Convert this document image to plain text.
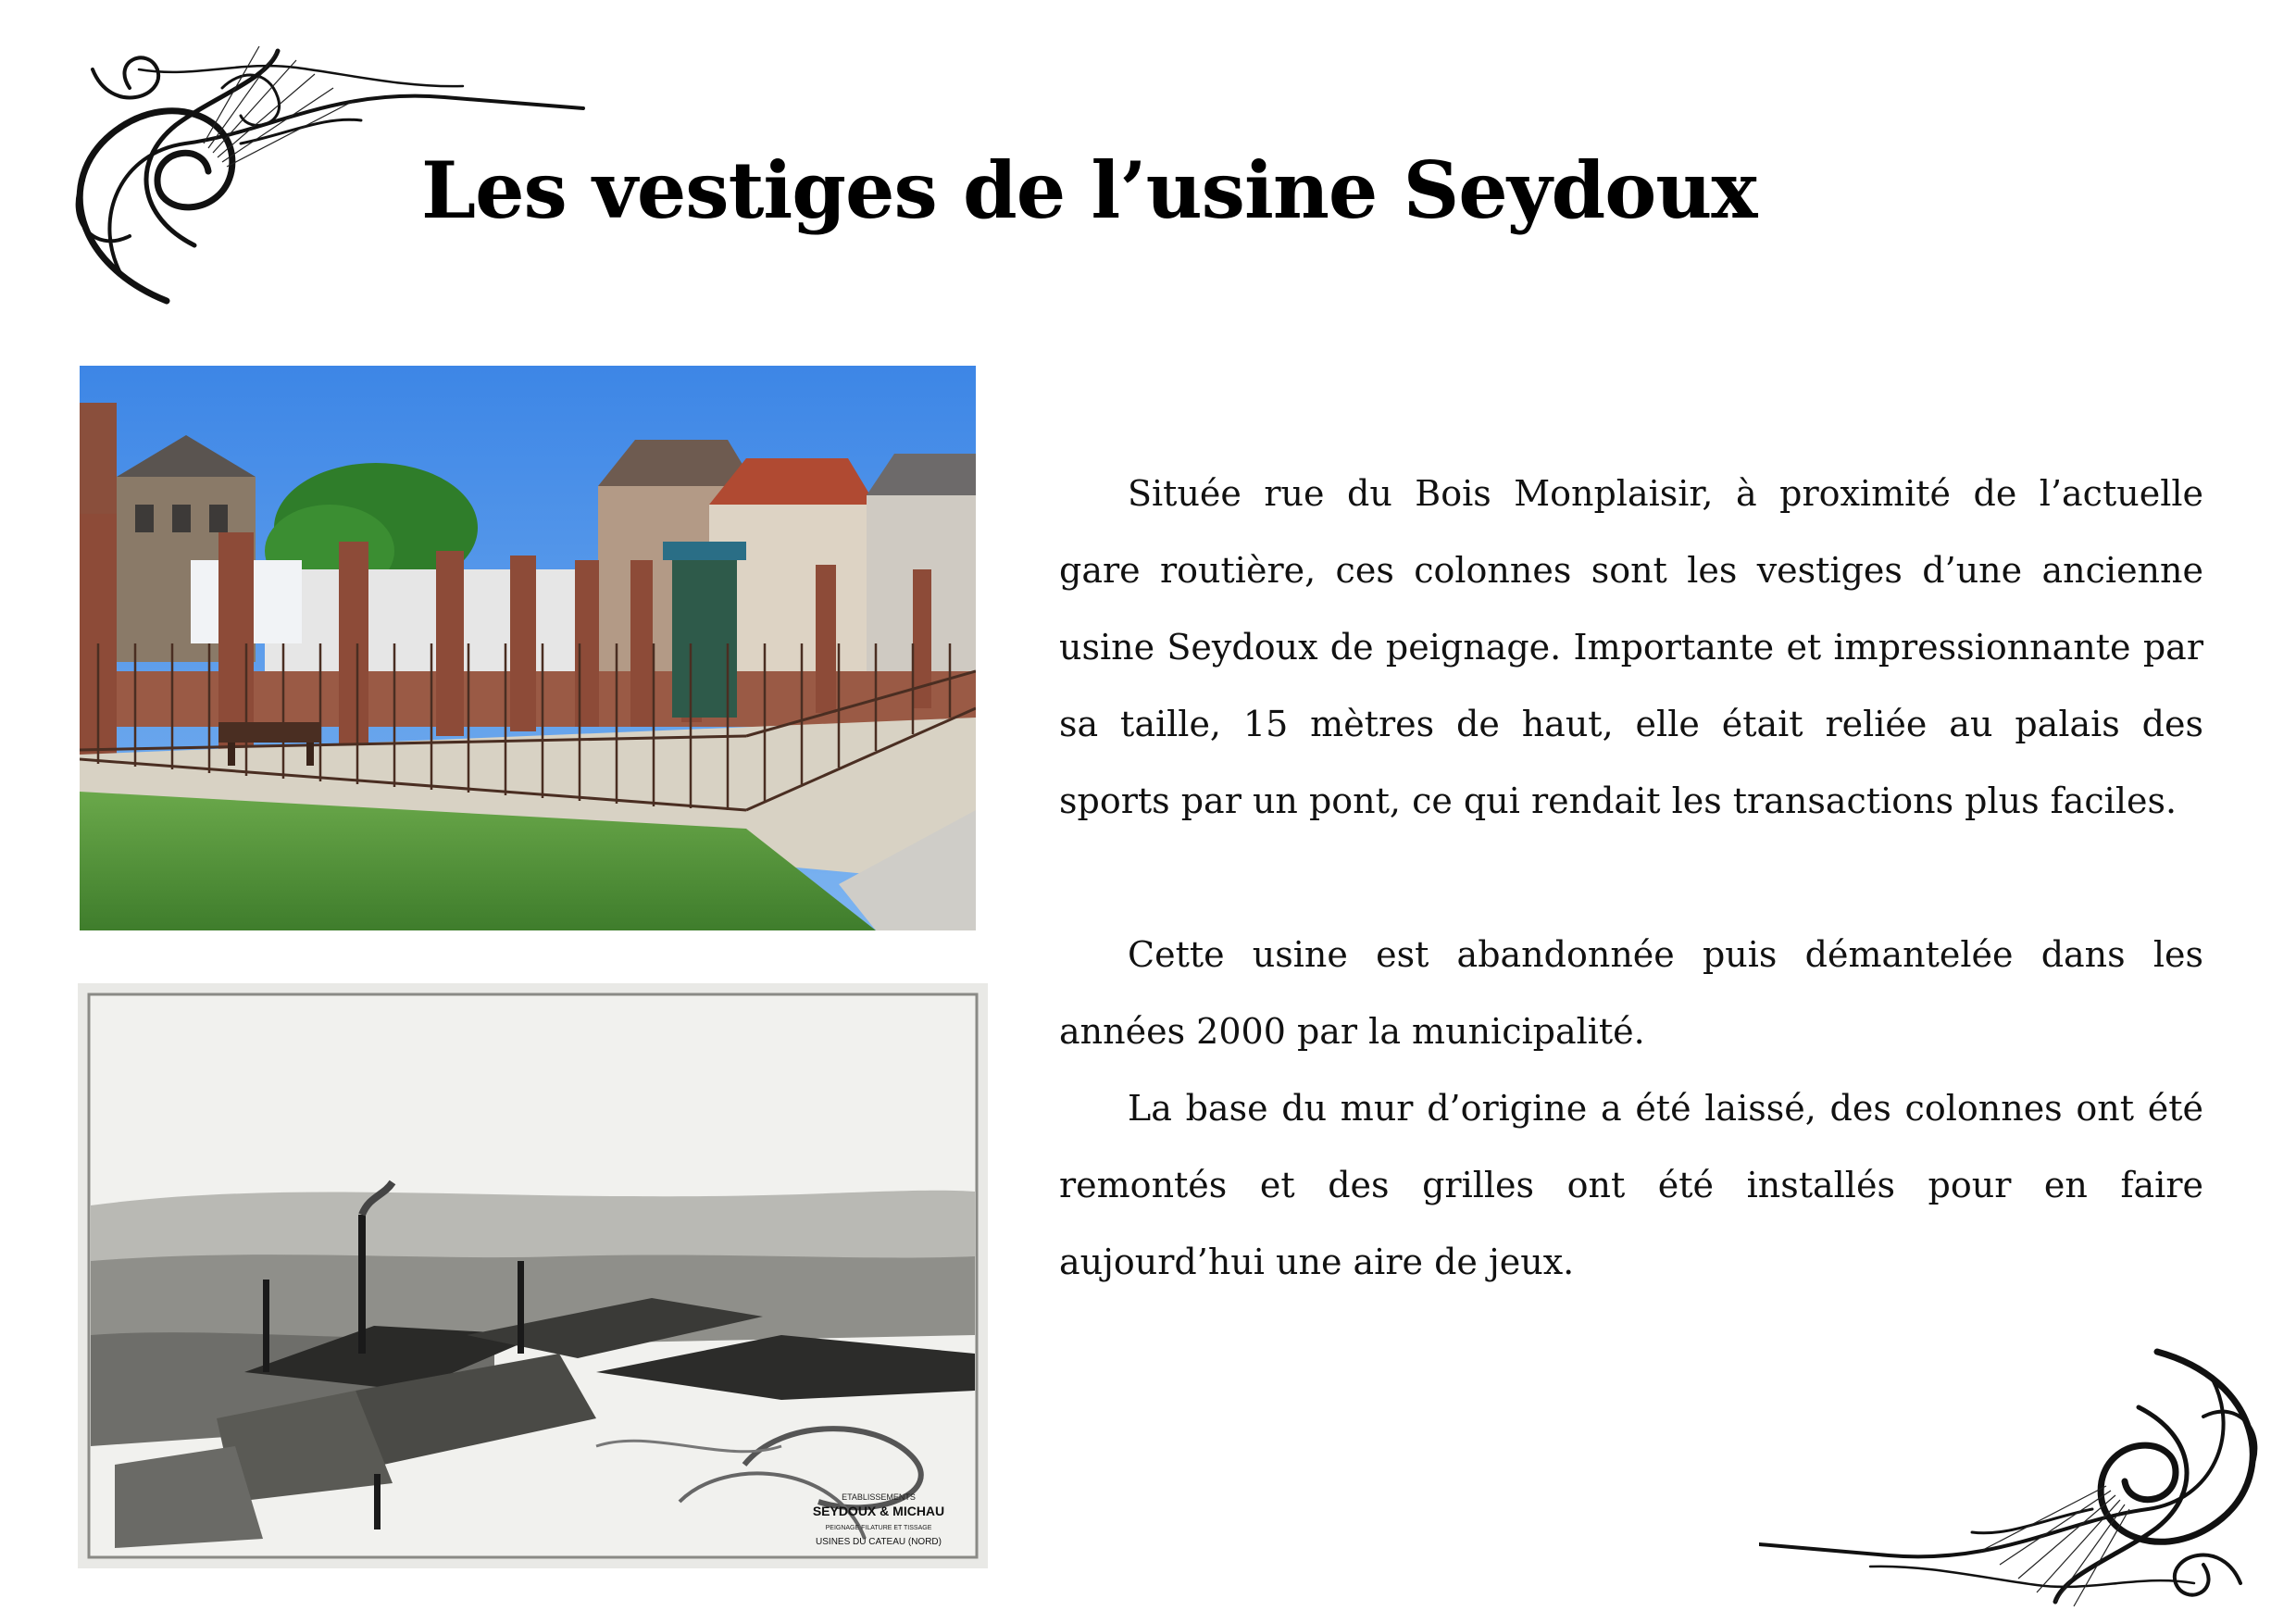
Les vestiges de l’usine Seydoux
ETABLISSEMENTS
SEYDOUX & MICHAU
PEIGNAGE FILATURE ET TISSAGE
USINES DU CATEAU (NORD)

Située rue du Bois Monplaisir, à proximité de l’actuelle gare routière, ces colonnes sont les vestiges d’une ancienne usine Seydoux de peignage. Importante et impressionnante par sa taille, 15 mètres de haut, elle était reliée au palais des sports par un pont, ce qui rendait les transactions plus faciles.

Cette usine est abandonnée puis démantelée dans les années 2000 par la municipalité.

La base du mur d’origine a été laissé, des colonnes ont été remontés et des grilles ont été installés pour en faire aujourd’hui une aire de jeux.
